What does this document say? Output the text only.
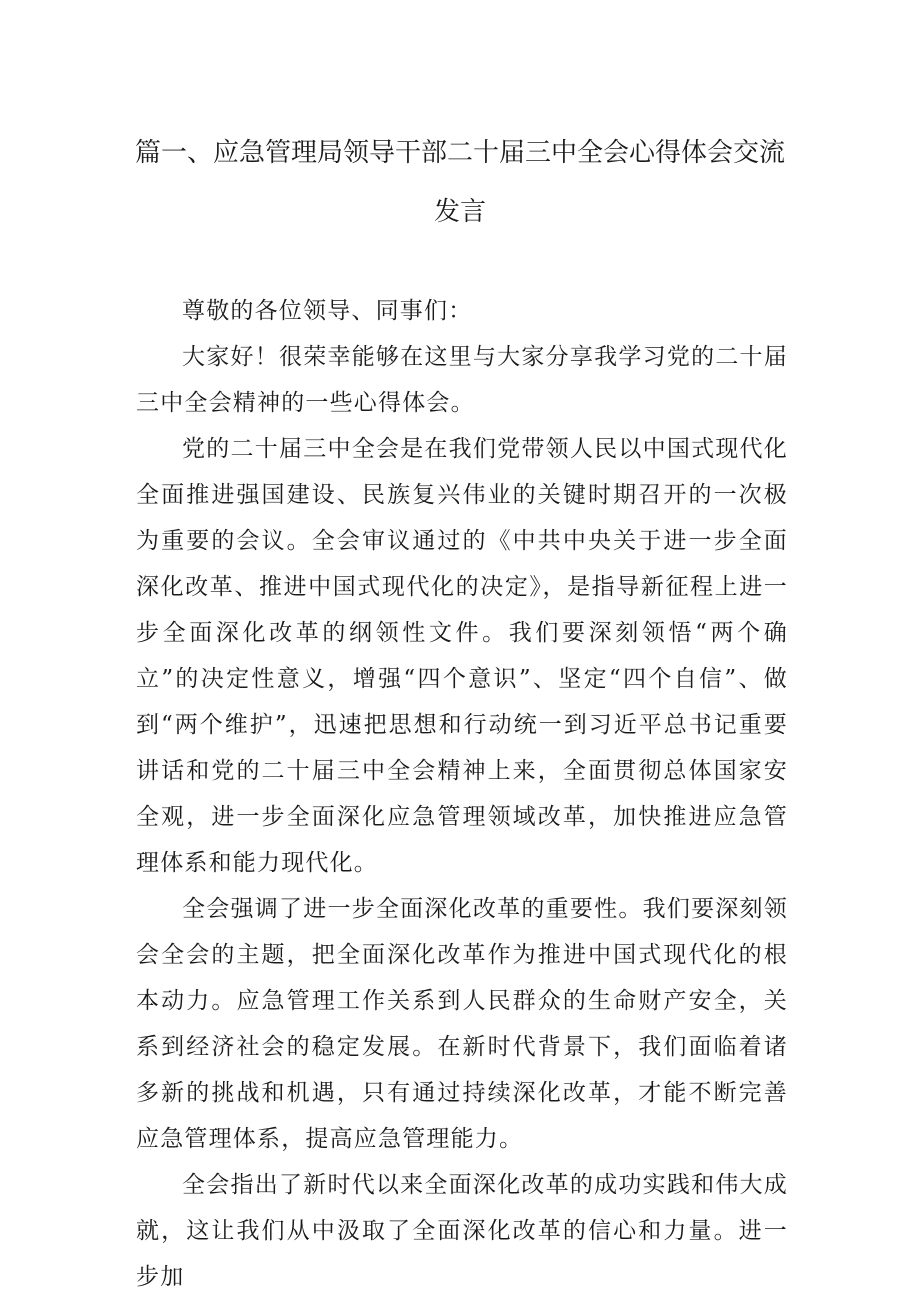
篇一、应急管理局领导干部二十届三中全会心得体会交流
发言

尊敬的各位领导、同事们：

大家好！很荣幸能够在这里与大家分享我学习党的二十届三中全会精神的一些心得体会。

党的二十届三中全会是在我们党带领人民以中国式现代化全面推进强国建设、民族复兴伟业的关键时期召开的一次极为重要的会议。全会审议通过的《中共中央关于进一步全面深化改革、推进中国式现代化的决定》，是指导新征程上进一步全面深化改革的纲领性文件。我们要深刻领悟“两个确立”的决定性意义，增强“四个意识”、坚定“四个自信”、做到“两个维护”，迅速把思想和行动统一到习近平总书记重要讲话和党的二十届三中全会精神上来，全面贯彻总体国家安全观，进一步全面深化应急管理领域改革，加快推进应急管理体系和能力现代化。

全会强调了进一步全面深化改革的重要性。我们要深刻领会全会的主题，把全面深化改革作为推进中国式现代化的根本动力。应急管理工作关系到人民群众的生命财产安全，关系到经济社会的稳定发展。在新时代背景下，我们面临着诸多新的挑战和机遇，只有通过持续深化改革，才能不断完善应急管理体系，提高应急管理能力。

全会指出了新时代以来全面深化改革的成功实践和伟大成就，这让我们从中汲取了全面深化改革的信心和力量。进一步加
